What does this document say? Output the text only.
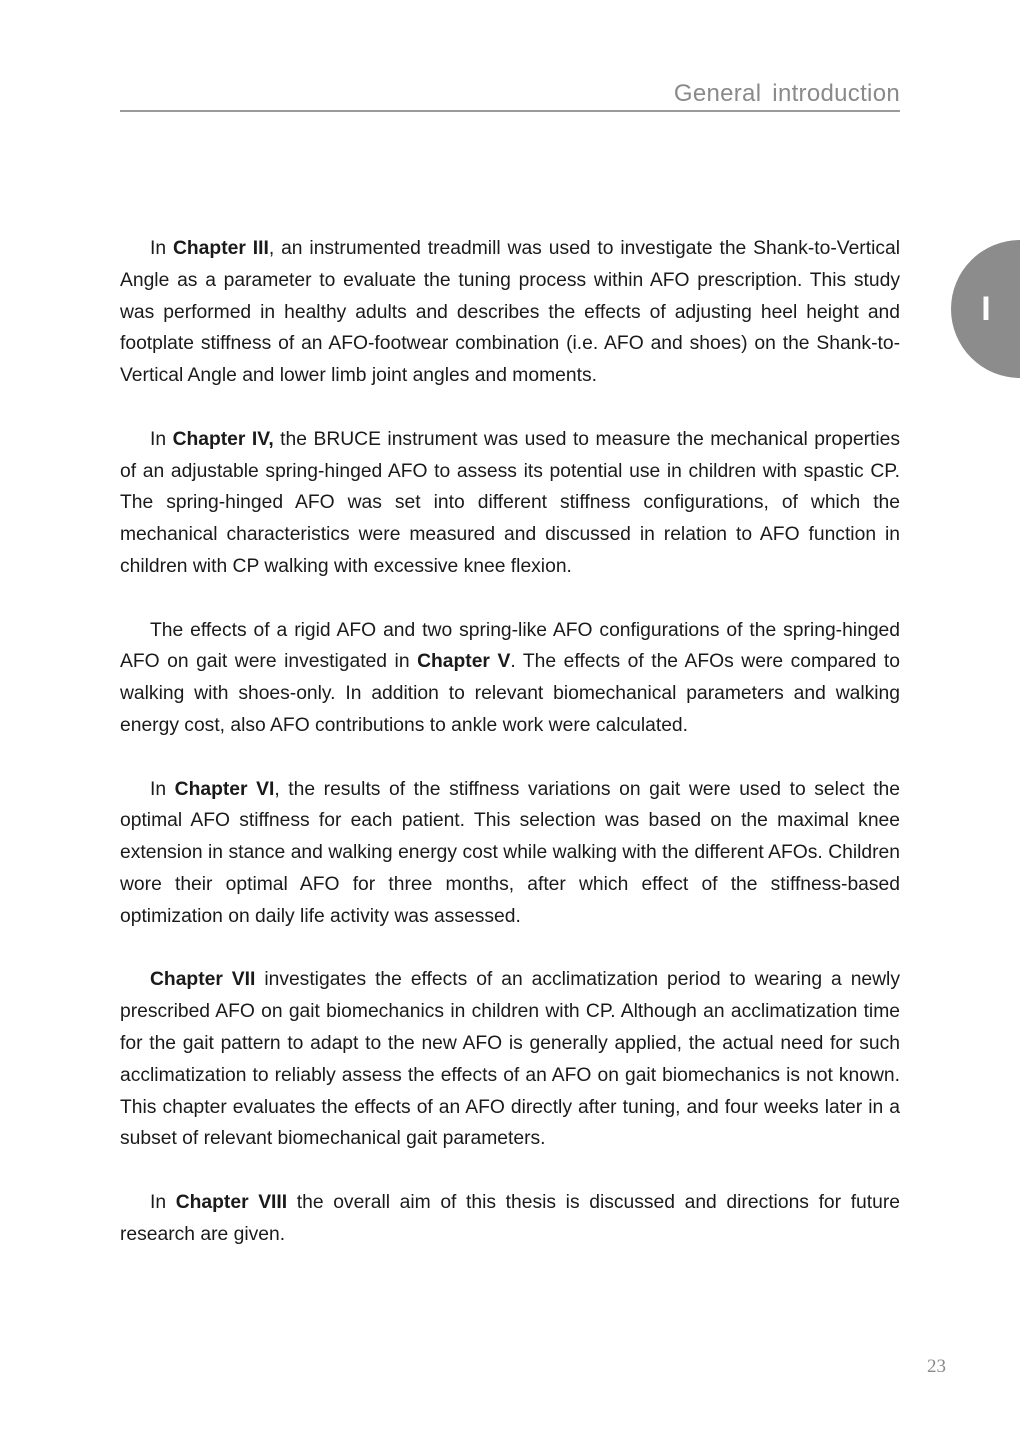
General introduction
I

In Chapter III, an instrumented treadmill was used to investigate the Shank-to-Vertical Angle as a parameter to evaluate the tuning process within AFO prescription. This study was performed in healthy adults and describes the effects of adjusting heel height and footplate stiffness of an AFO-footwear combination (i.e. AFO and shoes) on the Shank-to-Vertical Angle and lower limb joint angles and moments.

In Chapter IV, the BRUCE instrument was used to measure the mechanical properties of an adjustable spring-hinged AFO to assess its potential use in children with spastic CP. The spring-hinged AFO was set into different stiffness configurations, of which the mechanical characteristics were measured and discussed in relation to AFO function in children with CP walking with excessive knee flexion.

The effects of a rigid AFO and two spring-like AFO configurations of the spring-hinged AFO on gait were investigated in Chapter V. The effects of the AFOs were compared to walking with shoes-only. In addition to relevant biomechanical parameters and walking energy cost, also AFO contributions to ankle work were calculated.

In Chapter VI, the results of the stiffness variations on gait were used to select the optimal AFO stiffness for each patient. This selection was based on the maximal knee extension in stance and walking energy cost while walking with the different AFOs. Children wore their optimal AFO for three months, after which effect of the stiffness-based optimization on daily life activity was assessed.

Chapter VII investigates the effects of an acclimatization period to wearing a newly prescribed AFO on gait biomechanics in children with CP. Although an acclimatization time for the gait pattern to adapt to the new AFO is generally applied, the actual need for such acclimatization to reliably assess the effects of an AFO on gait biomechanics is not known. This chapter evaluates the effects of an AFO directly after tuning, and four weeks later in a subset of relevant biomechanical gait parameters.

In Chapter VIII the overall aim of this thesis is discussed and directions for future research are given.

23
